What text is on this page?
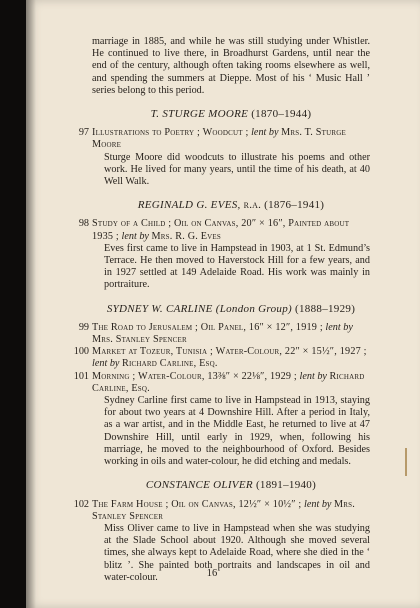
marriage in 1885, and while he was still studying under Whistler. He continued to live there, in Broadhurst Gardens, until near the end of the century, although often taking rooms elsewhere as well, and spending the summers at Dieppe. Most of his ‘ Music Hall ’ series belong to this period.

T. STURGE MOORE (1870–1944)
97 Illustrations to Poetry ; Woodcut ; lent by Mrs. T. Sturge Moore

Sturge Moore did woodcuts to illustrate his poems and other work. He lived for many years, until the time of his death, at 40 Well Walk.

REGINALD G. EVES, r.a. (1876–1941)
98 Study of a Child ; Oil on Canvas, 20″ × 16″, Painted about 1935 ; lent by Mrs. R. G. Eves

Eves first came to live in Hampstead in 1903, at 1 St. Edmund’s Terrace. He then moved to Haverstock Hill for a few years, and in 1927 settled at 149 Adelaide Road. His work was mainly in portraiture.

SYDNEY W. CARLINE (London Group) (1888–1929)
99 The Road to Jerusalem ; Oil Panel, 16″ × 12″, 1919 ; lent by Mrs. Stanley Spencer
100 Market at Tozeur, Tunisia ; Water-Colour, 22″ × 15½″, 1927 ; lent by Richard Carline, Esq.
101 Morning ; Water-Colour, 13⅜″ × 22⅛″, 1929 ; lent by Richard Carline, Esq.

Sydney Carline first came to live in Hampstead in 1913, staying for about two years at 4 Downshire Hill. After a period in Italy, as a war artist, and in the Middle East, he returned to live at 47 Downshire Hill, until early in 1929, when, following his marriage, he moved to the neighbourhood of Oxford. Besides working in oils and water-colour, he did etching and medals.

CONSTANCE OLIVER (1891–1940)
102 The Farm House ; Oil on Canvas, 12½″ × 10½″ ; lent by Mrs. Stanley Spencer

Miss Oliver came to live in Hampstead when she was studying at the Slade School about 1920. Although she moved several times, she always kept to Adelaide Road, where she died in the ‘ blitz ’. She painted both portraits and landscapes in oil and water-colour.	16
